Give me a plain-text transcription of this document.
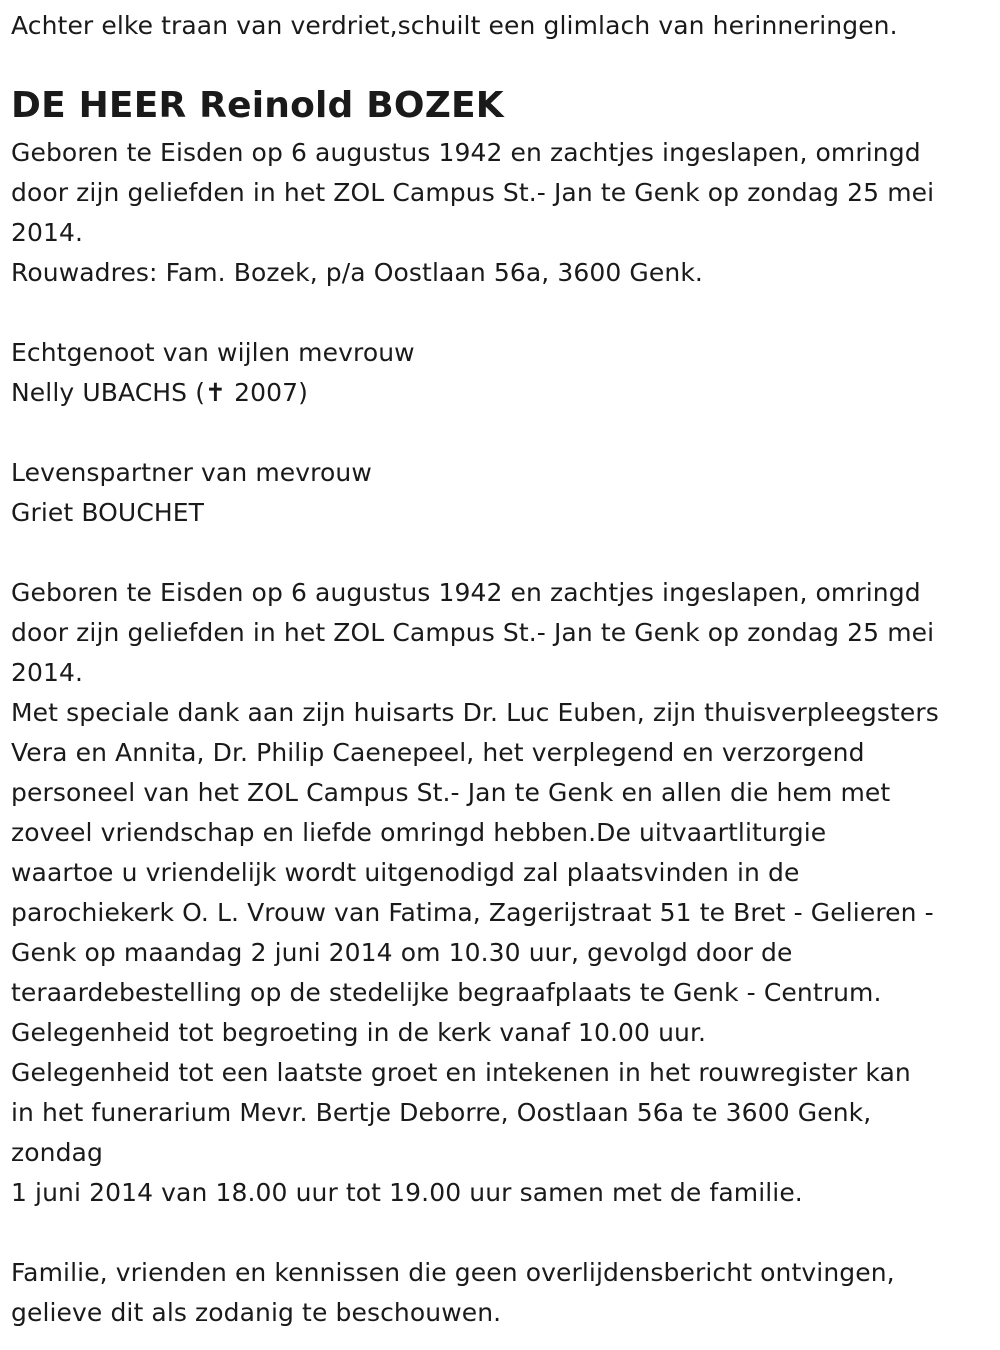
Achter elke traan van verdriet,schuilt een glimlach van herinneringen.
DE HEER Reinold BOZEK
Geboren te Eisden op 6 augustus 1942 en zachtjes ingeslapen, omringd
door zijn geliefden in het ZOL Campus St.- Jan te Genk op zondag 25 mei
2014.
Rouwadres: Fam. Bozek, p/a Oostlaan 56a, 3600 Genk.
Echtgenoot van wijlen mevrouw
Nelly UBACHS (✝ 2007)
Levenspartner van mevrouw
Griet BOUCHET
Geboren te Eisden op 6 augustus 1942 en zachtjes ingeslapen, omringd
door zijn geliefden in het ZOL Campus St.- Jan te Genk op zondag 25 mei
2014.
Met speciale dank aan zijn huisarts Dr. Luc Euben, zijn thuisverpleegsters
Vera en Annita, Dr. Philip Caenepeel, het verplegend en verzorgend
personeel van het ZOL Campus St.- Jan te Genk en allen die hem met
zoveel vriendschap en liefde omringd hebben.De uitvaartliturgie
waartoe u vriendelijk wordt uitgenodigd zal plaatsvinden in de
parochiekerk O. L. Vrouw van Fatima, Zagerijstraat 51 te Bret - Gelieren -
Genk op maandag 2 juni 2014 om 10.30 uur, gevolgd door de
teraardebestelling op de stedelijke begraafplaats te Genk - Centrum.
Gelegenheid tot begroeting in de kerk vanaf 10.00 uur.
Gelegenheid tot een laatste groet en intekenen in het rouwregister kan
in het funerarium Mevr. Bertje Deborre, Oostlaan 56a te 3600 Genk,
zondag
1 juni 2014 van 18.00 uur tot 19.00 uur samen met de familie.
Familie, vrienden en kennissen die geen overlijdensbericht ontvingen,
gelieve dit als zodanig te beschouwen.
